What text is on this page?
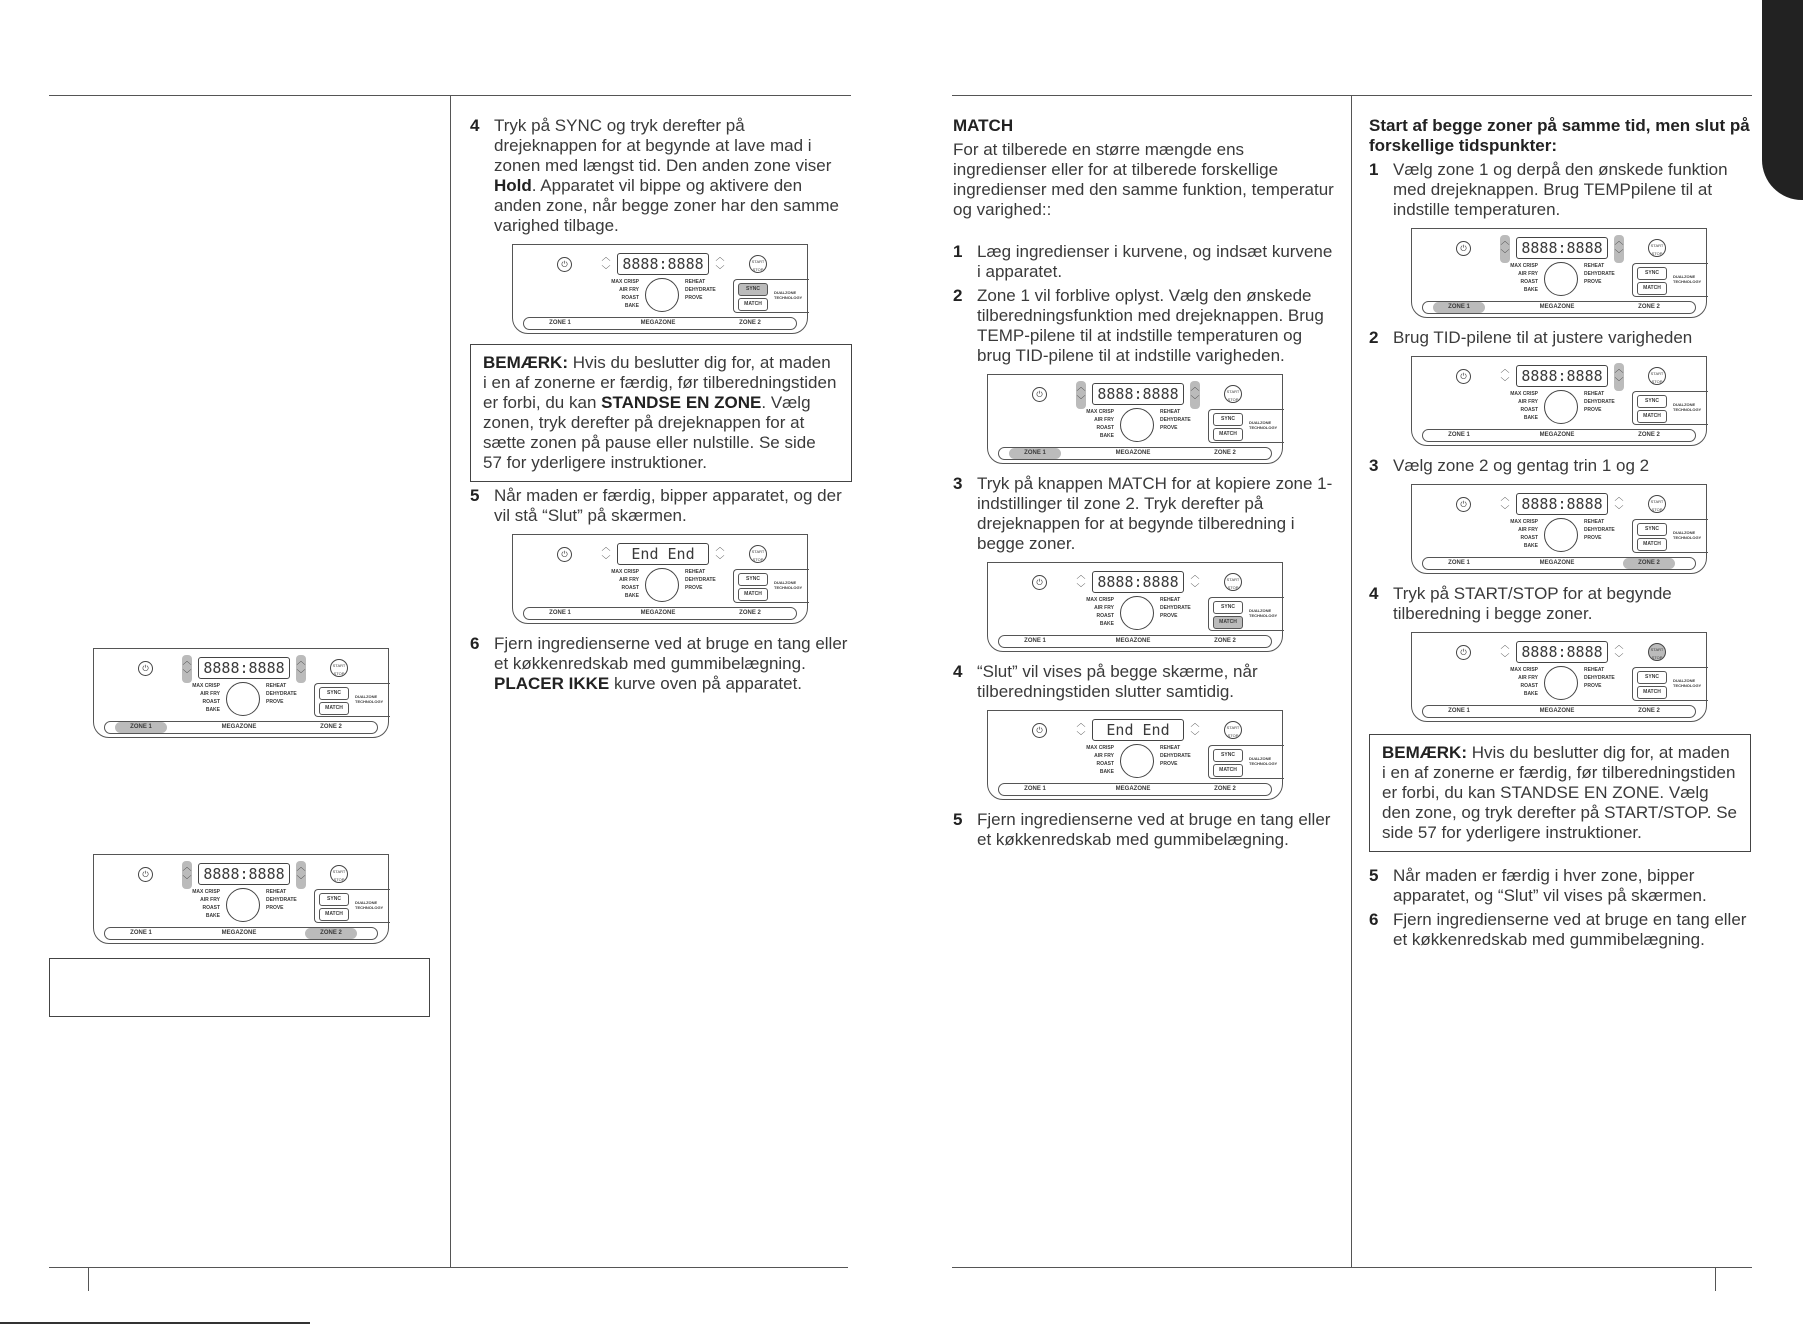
⏻
︿
﹀ 8888:8888	︿
﹀
START STOP
MAX CRISP
AIR FRY
ROAST
BAKE
REHEAT
DEHYDRATE
PROVE
SYNC
MATCH
DUALZONE TECHNOLOGY
ZONE 1	MEGAZONE	ZONE 2
⏻
︿
﹀ 8888:8888	︿
﹀
START STOP
MAX CRISP
AIR FRY
ROAST
BAKE
REHEAT
DEHYDRATE
PROVE
SYNC
MATCH
DUALZONE TECHNOLOGY
ZONE 1	MEGAZONE	ZONE 2
4 Tryk på SYNC og tryk derefter på drejeknappen for at begynde at lave mad i zonen med længst tid. Den anden zone viser Hold. Apparatet vil bippe og aktivere den anden zone, når begge zoner har den samme varighed tilbage.
⏻
︿
﹀ 8888:8888	︿
﹀
START STOP
MAX CRISP
AIR FRY
ROAST
BAKE
REHEAT
DEHYDRATE
PROVE
SYNC
MATCH
DUALZONE TECHNOLOGY
ZONE 1	MEGAZONE	ZONE 2
BEMÆRK: Hvis du beslutter dig for, at maden i en af zonerne er færdig, før tilberedningstiden er forbi, du kan STANDSE EN ZONE. Vælg zonen, tryk derefter på drejeknappen for at sætte zonen på pause eller nulstille. Se side 57 for yderligere instruktioner.
5 Når maden er færdig, bipper apparatet, og der vil stå “Slut” på skærmen.
⏻
︿
﹀	End End	︿
﹀
START STOP
MAX CRISP
AIR FRY
ROAST
BAKE
REHEAT
DEHYDRATE
PROVE
SYNC
MATCH
DUALZONE TECHNOLOGY
ZONE 1	MEGAZONE	ZONE 2
6 Fjern ingredienserne ved at bruge en tang eller et køkkenredskab med gummibelægning. PLACER IKKE kurve oven på apparatet.
MATCH
For at tilberede en større mængde ens ingredienser eller for at tilberede forskellige ingredienser med den samme funktion, temperatur og varighed::
1 Læg ingredienser i kurvene, og indsæt kurvene i apparatet.
2 Zone 1 vil forblive oplyst. Vælg den ønskede tilberedningsfunktion med drejeknappen. Brug TEMP-pilene til at indstille temperaturen og brug TID-pilene til at indstille varigheden.
⏻
︿
﹀ 8888:8888	︿
﹀
START STOP
MAX CRISP
AIR FRY
ROAST
BAKE
REHEAT
DEHYDRATE
PROVE
SYNC
MATCH
DUALZONE TECHNOLOGY
ZONE 1	MEGAZONE	ZONE 2
3 Tryk på knappen MATCH for at kopiere zone 1-indstillinger til zone 2. Tryk derefter på drejeknappen for at begynde tilberedning i begge zoner.
⏻
︿
﹀ 8888:8888	︿
﹀
START STOP
MAX CRISP
AIR FRY
ROAST
BAKE
REHEAT
DEHYDRATE
PROVE
SYNC
MATCH
DUALZONE TECHNOLOGY
ZONE 1	MEGAZONE	ZONE 2
4 “Slut” vil vises på begge skærme, når tilberedningstiden slutter samtidig.
⏻
︿
﹀	End End	︿
﹀
START STOP
MAX CRISP
AIR FRY
ROAST
BAKE
REHEAT
DEHYDRATE
PROVE
SYNC
MATCH
DUALZONE TECHNOLOGY
ZONE 1	MEGAZONE	ZONE 2
5 Fjern ingredienserne ved at bruge en tang eller et køkkenredskab med gummibelægning.
Start af begge zoner på samme tid, men slut på forskellige tidspunkter:
1 Vælg zone 1 og derpå den ønskede funktion med drejeknappen. Brug TEMPpilene til at indstille temperaturen.
⏻
︿
﹀ 8888:8888	︿
﹀
START STOP
MAX CRISP
AIR FRY
ROAST
BAKE
REHEAT
DEHYDRATE
PROVE
SYNC
MATCH
DUALZONE TECHNOLOGY
ZONE 1	MEGAZONE	ZONE 2
2 Brug TID-pilene til at justere varigheden
⏻
︿
﹀ 8888:8888	︿
﹀
START STOP
MAX CRISP
AIR FRY
ROAST
BAKE
REHEAT
DEHYDRATE
PROVE
SYNC
MATCH
DUALZONE TECHNOLOGY
ZONE 1	MEGAZONE	ZONE 2
3 Vælg zone 2 og gentag trin 1 og 2
⏻
︿
﹀ 8888:8888	︿
﹀
START STOP
MAX CRISP
AIR FRY
ROAST
BAKE
REHEAT
DEHYDRATE
PROVE
SYNC
MATCH
DUALZONE TECHNOLOGY
ZONE 1	MEGAZONE	ZONE 2
4 Tryk på START/STOP for at begynde tilberedning i begge zoner.
⏻
︿
﹀ 8888:8888	︿
﹀
START STOP
MAX CRISP
AIR FRY
ROAST
BAKE
REHEAT
DEHYDRATE
PROVE
SYNC
MATCH
DUALZONE TECHNOLOGY
ZONE 1	MEGAZONE	ZONE 2
BEMÆRK: Hvis du beslutter dig for, at maden i en af zonerne er færdig, før tilberedningstiden er forbi, du kan STANDSE EN ZONE. Vælg den zone, og tryk derefter på START/STOP. Se side 57 for yderligere instruktioner.
5 Når maden er færdig i hver zone, bipper apparatet, og “Slut” vil vises på skærmen.
6 Fjern ingredienserne ved at bruge en tang eller et køkkenredskab med gummibelægning.
